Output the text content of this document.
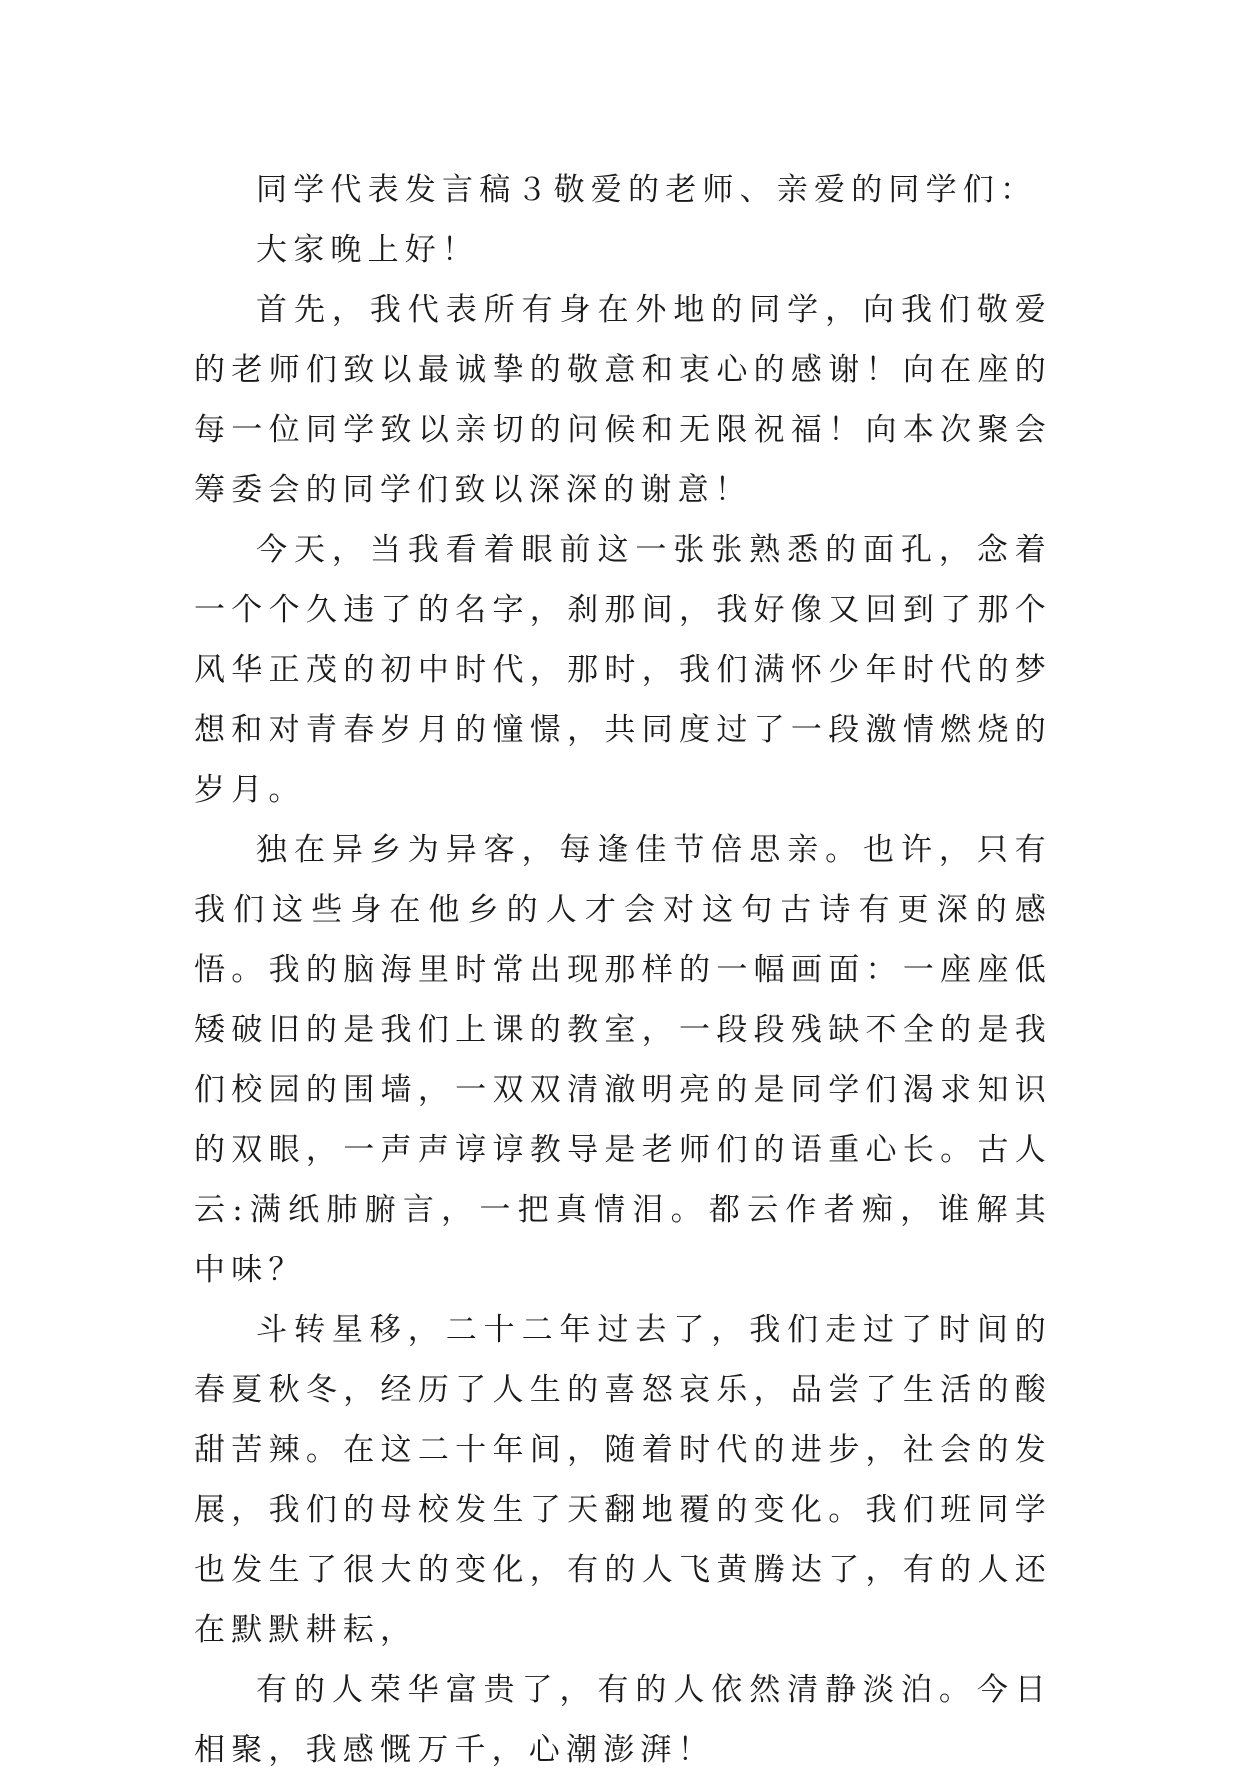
同学代表发言稿３敬爱的老师、亲爱的同学们：

大家晚上好！

首先，我代表所有身在外地的同学，向我们敬爱的老师们致以最诚挚的敬意和衷心的感谢！向在座的每一位同学致以亲切的问候和无限祝福！向本次聚会筹委会的同学们致以深深的谢意！

今天，当我看着眼前这一张张熟悉的面孔，念着一个个久违了的名字，刹那间，我好像又回到了那个风华正茂的初中时代，那时，我们满怀少年时代的梦想和对青春岁月的憧憬，共同度过了一段激情燃烧的岁月。

独在异乡为异客，每逢佳节倍思亲。也许，只有我们这些身在他乡的人才会对这句古诗有更深的感悟。我的脑海里时常出现那样的一幅画面：一座座低矮破旧的是我们上课的教室，一段段残缺不全的是我们校园的围墙，一双双清澈明亮的是同学们渴求知识的双眼，一声声谆谆教导是老师们的语重心长。古人云:满纸肺腑言，一把真情泪。都云作者痴，谁解其中味？

斗转星移，二十二年过去了，我们走过了时间的春夏秋冬，经历了人生的喜怒哀乐，品尝了生活的酸甜苦辣。在这二十年间，随着时代的进步，社会的发展，我们的母校发生了天翻地覆的变化。我们班同学也发生了很大的变化，有的人飞黄腾达了，有的人还在默默耕耘，

有的人荣华富贵了，有的人依然清静淡泊。今日相聚，我感慨万千，心潮澎湃！
